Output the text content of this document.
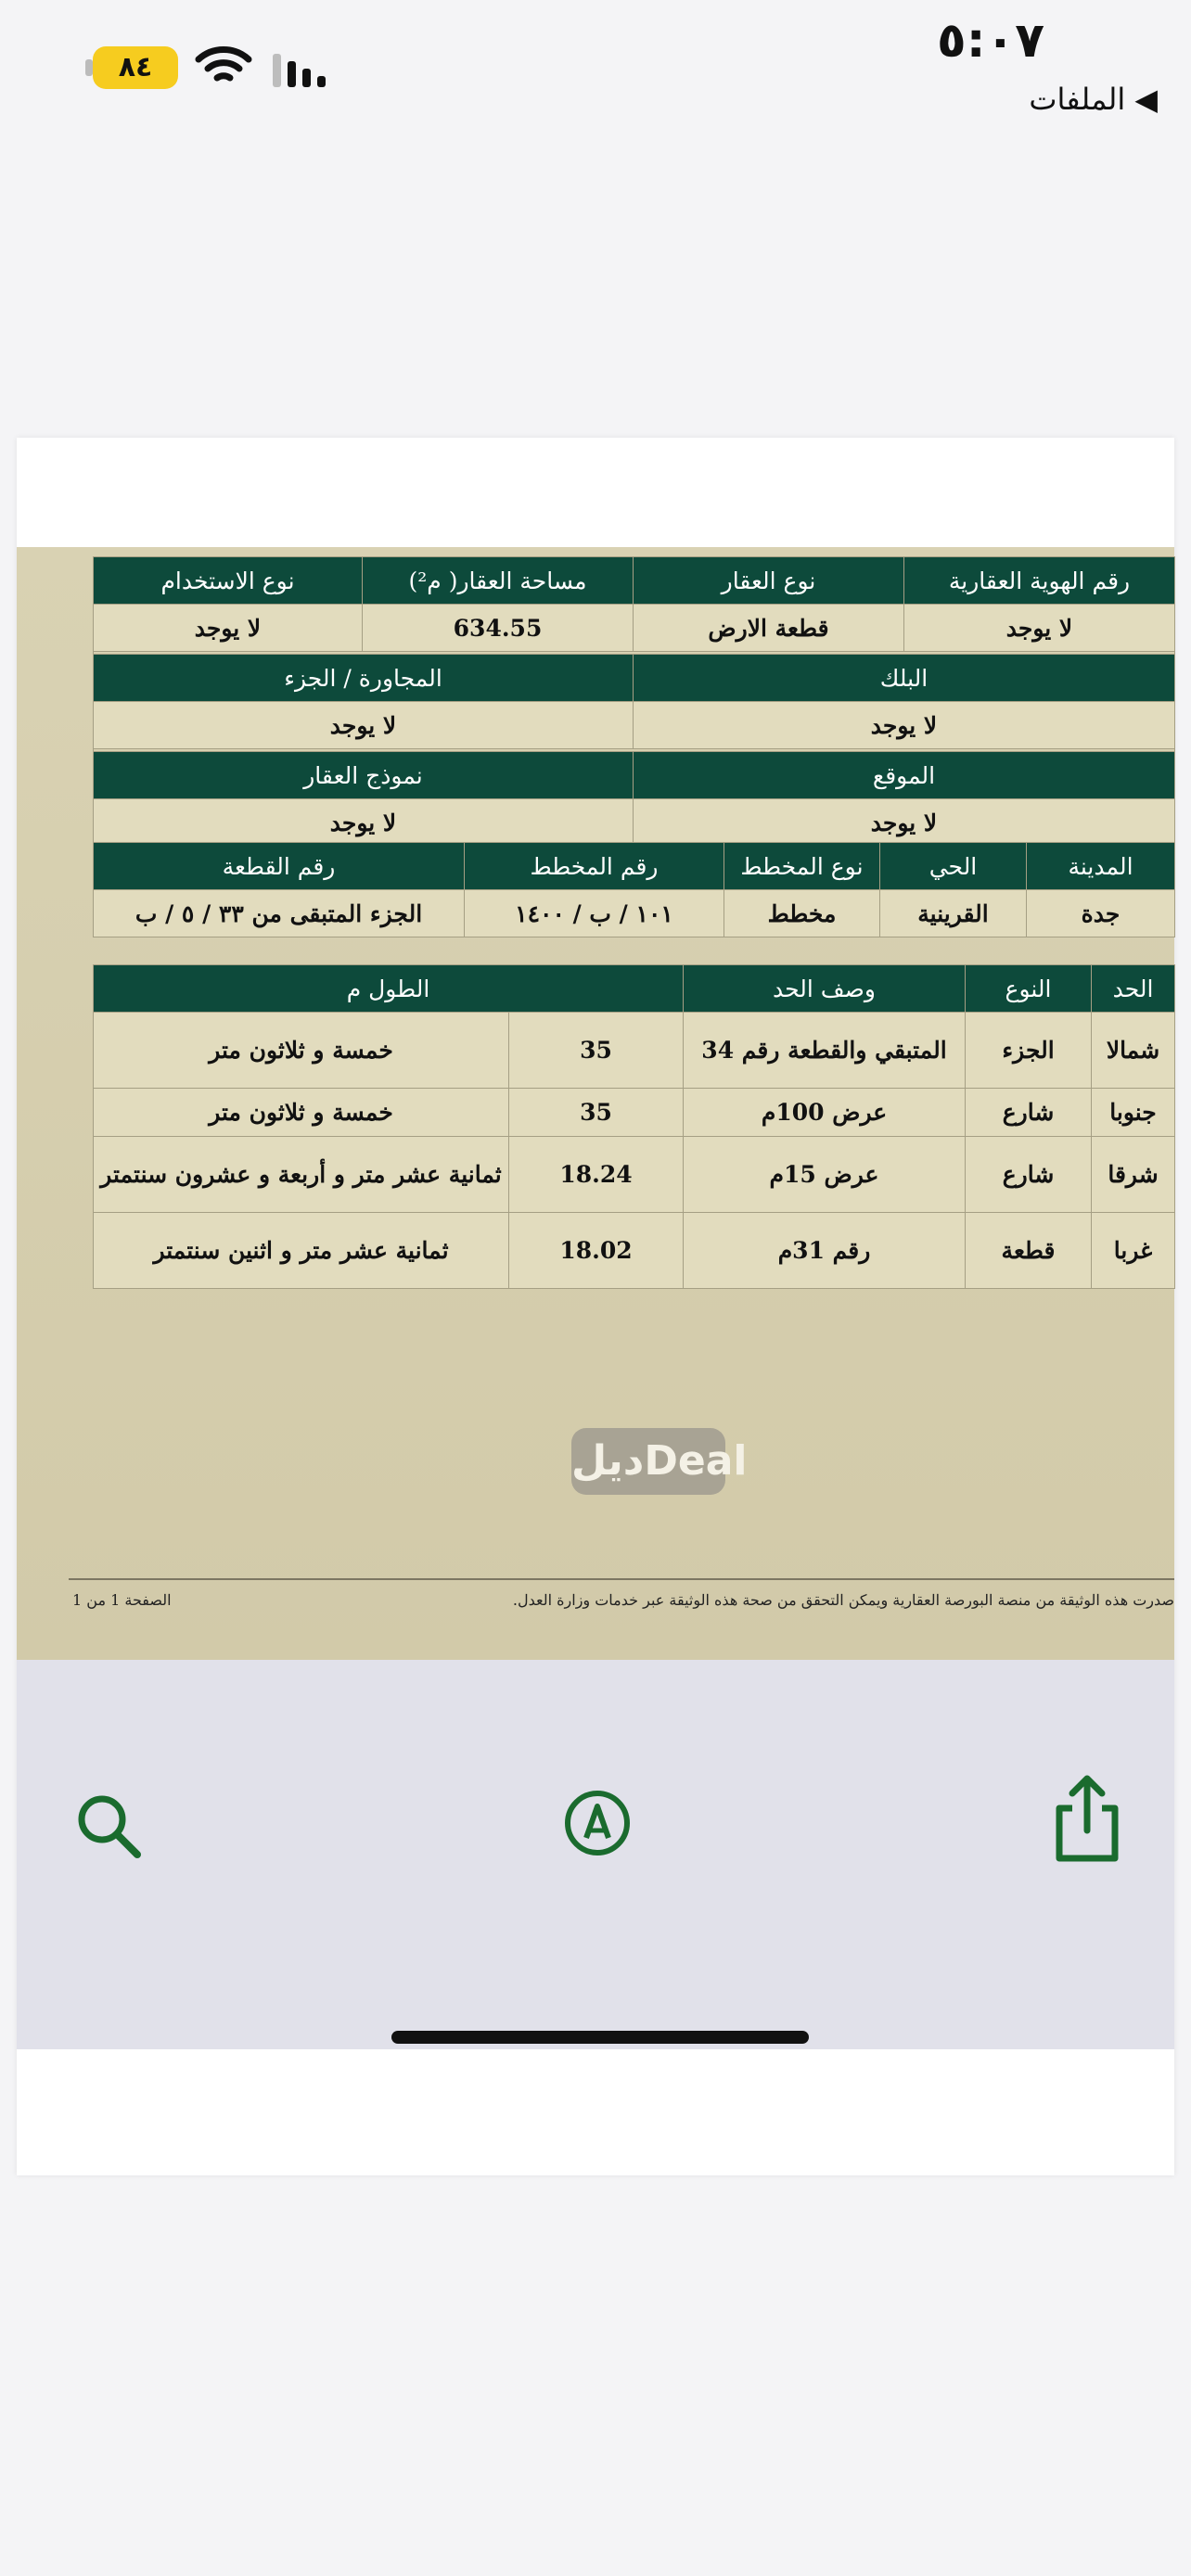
٨٤	٥:٠٧
◀ الملفات
رقم الهوية العقارية	نوع العقار	مساحة العقار( م²)	نوع الاستخدام
لا يوجد	قطعة الارض	634.55	لا يوجد

البلك		المجاورة / الجزء	
لا يوجد		لا يوجد	

الموقع		نموذج العقار	
لا يوجد		لا يوجد	
المدينة	الحي	نوع المخطط	رقم المخطط	رقم القطعة
جدة	القرينية	مخطط	١٠١ / ب / ١٤٠٠	الجزء المتبقى من ٣٣ / ٥ / ب
الحد	النوع	وصف الحد	الطول م	
شمالا	الجزء	المتبقي والقطعة رقم 34	35	خمسة و ثلاثون متر
جنوبا	شارع	عرض 100م	35	خمسة و ثلاثون متر
شرقا	شارع	عرض 15م	18.24	ثمانية عشر متر و أربعة و عشرون سنتمتر
غربا	قطعة	رقم 31م	18.02	ثمانية عشر متر و اثنين سنتمتر
ديلDeal
صدرت هذه الوثيقة من منصة البورصة العقارية ويمكن التحقق من صحة هذه الوثيقة عبر خدمات وزارة العدل.
الصفحة 1 من 1
